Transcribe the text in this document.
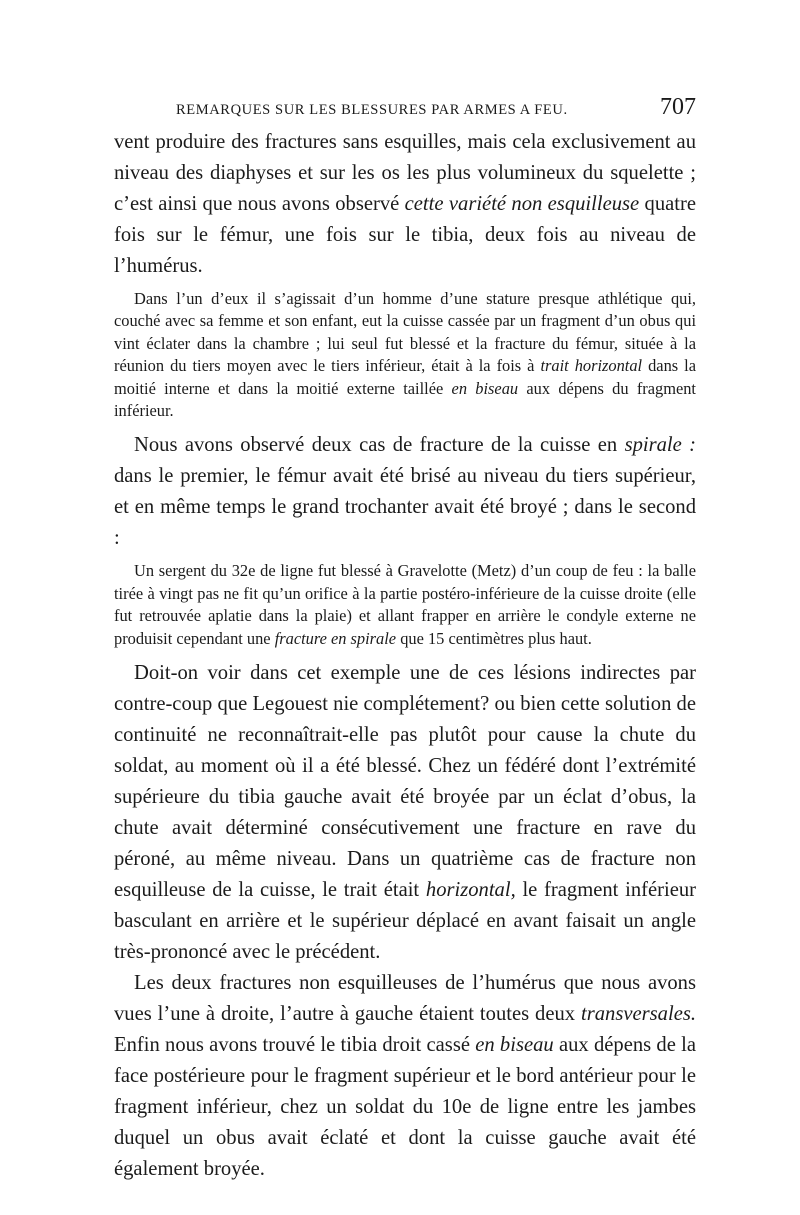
REMARQUES SUR LES BLESSURES PAR ARMES A FEU.	707

vent produire des fractures sans esquilles, mais cela exclusivement au niveau des diaphyses et sur les os les plus volumineux du squelette ; c’est ainsi que nous avons observé cette variété non esquilleuse quatre fois sur le fémur, une fois sur le tibia, deux fois au niveau de l’humérus.

Dans l’un d’eux il s’agissait d’un homme d’une stature presque athlétique qui, couché avec sa femme et son enfant, eut la cuisse cassée par un fragment d’un obus qui vint éclater dans la chambre ; lui seul fut blessé et la fracture du fémur, située à la réunion du tiers moyen avec le tiers inférieur, était à la fois à trait horizontal dans la moitié interne et dans la moitié externe taillée en biseau aux dépens du fragment inférieur.

Nous avons observé deux cas de fracture de la cuisse en spirale : dans le premier, le fémur avait été brisé au niveau du tiers supérieur, et en même temps le grand trochanter avait été broyé ; dans le second :

Un sergent du 32e de ligne fut blessé à Gravelotte (Metz) d’un coup de feu : la balle tirée à vingt pas ne fit qu’un orifice à la partie postéro-inférieure de la cuisse droite (elle fut retrouvée aplatie dans la plaie) et allant frapper en arrière le condyle externe ne produisit cependant une fracture en spirale que 15 centimètres plus haut.

Doit-on voir dans cet exemple une de ces lésions indirectes par contre-coup que Legouest nie complétement? ou bien cette solution de continuité ne reconnaîtrait-elle pas plutôt pour cause la chute du soldat, au moment où il a été blessé. Chez un fédéré dont l’extrémité supérieure du tibia gauche avait été broyée par un éclat d’obus, la chute avait déterminé consécutivement une fracture en rave du péroné, au même niveau. Dans un quatrième cas de fracture non esquilleuse de la cuisse, le trait était horizontal, le fragment inférieur basculant en arrière et le supérieur déplacé en avant faisait un angle très-prononcé avec le précédent.

Les deux fractures non esquilleuses de l’humérus que nous avons vues l’une à droite, l’autre à gauche étaient toutes deux transversales. Enfin nous avons trouvé le tibia droit cassé en biseau aux dépens de la face postérieure pour le fragment supérieur et le bord antérieur pour le fragment inférieur, chez un soldat du 10e de ligne entre les jambes duquel un obus avait éclaté et dont la cuisse gauche avait été également broyée.
